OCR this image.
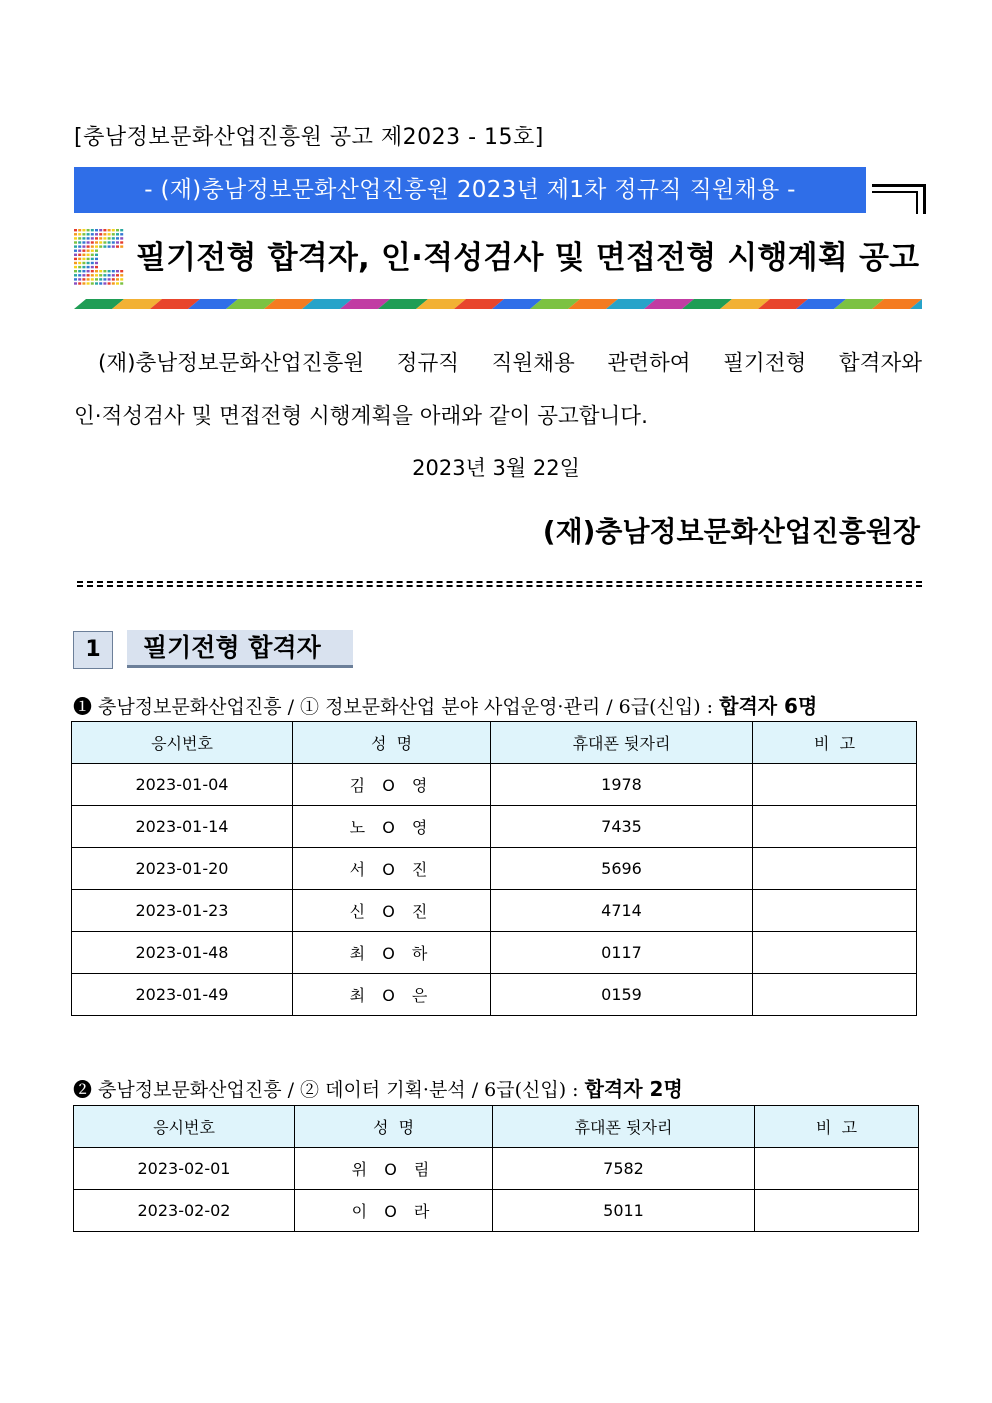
[충남정보문화산업진흥원 공고 제2023 - 15호]
- (재)충남정보문화산업진흥원 2023년 제1차 정규직 직원채용 -
필기전형 합격자, 인·적성검사 및 면접전형 시행계획 공고
(재)충남정보문화산업진흥원 정규직 직원채용 관련하여 필기전형 합격자와
인·적성검사 및 면접전형 시행계획을 아래와 같이 공고합니다.
2023년 3월 22일
(재)충남정보문화산업진흥원장
1	필기전형 합격자
❶ 충남정보문화산업진흥 / ① 정보문화산업 분야 사업운영·관리 / 6급(신입) : 합격자 6명
응시번호	성  명	휴대폰 뒷자리	비  고
2023-01-04	김 O 영	1978	
2023-01-14	노 O 영	7435	
2023-01-20	서 O 진	5696	
2023-01-23	신 O 진	4714	
2023-01-48	최 O 하	0117	
2023-01-49	최 O 은	0159	
❷ 충남정보문화산업진흥 / ② 데이터 기획·분석 / 6급(신입) : 합격자 2명
응시번호	성  명	휴대폰 뒷자리	비  고
2023-02-01	위 O 림	7582	
2023-02-02	이 O 라	5011	
